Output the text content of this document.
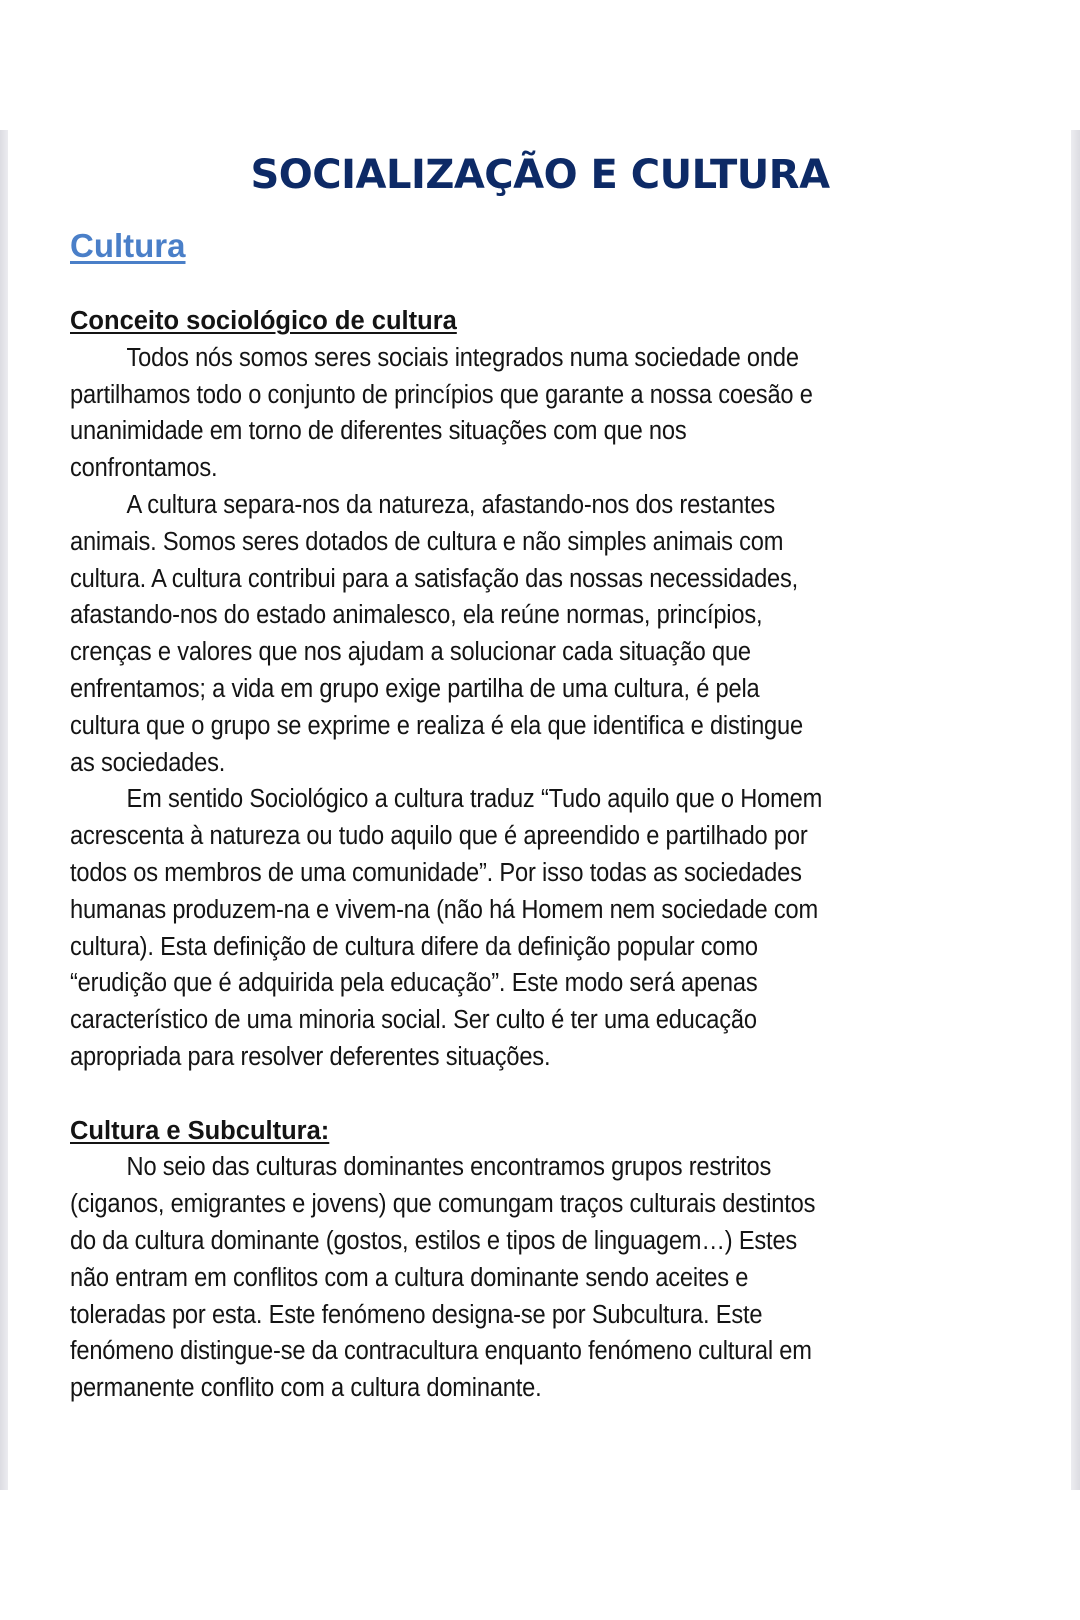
SOCIALIZAÇÃO E CULTURA
Cultura
Conceito sociológico de cultura
Todos nós somos seres sociais integrados numa sociedade onde
partilhamos todo o conjunto de princípios que garante a nossa coesão e
unanimidade em torno de diferentes situações com que nos
confrontamos.
A cultura separa-nos da natureza, afastando-nos dos restantes
animais. Somos seres dotados de cultura e não simples animais com
cultura. A cultura contribui para a satisfação das nossas necessidades,
afastando-nos do estado animalesco, ela reúne normas, princípios,
crenças e valores que nos ajudam a solucionar cada situação que
enfrentamos; a vida em grupo exige partilha de uma cultura, é pela
cultura que o grupo se exprime e realiza é ela que identifica e distingue
as sociedades.
Em sentido Sociológico a cultura traduz “Tudo aquilo que o Homem
acrescenta à natureza ou tudo aquilo que é apreendido e partilhado por
todos os membros de uma comunidade”. Por isso todas as sociedades
humanas produzem-na e vivem-na (não há Homem nem sociedade com
cultura). Esta definição de cultura difere da definição popular como
“erudição que é adquirida pela educação”. Este modo será apenas
característico de uma minoria social. Ser culto é ter uma educação
apropriada para resolver deferentes situações.
Cultura e Subcultura:
No seio das culturas dominantes encontramos grupos restritos
(ciganos, emigrantes e jovens) que comungam traços culturais destintos
do da cultura dominante (gostos, estilos e tipos de linguagem…) Estes
não entram em conflitos com a cultura dominante sendo aceites e
toleradas por esta. Este fenómeno designa-se por Subcultura. Este
fenómeno distingue-se da contracultura enquanto fenómeno cultural em
permanente conflito com a cultura dominante.
